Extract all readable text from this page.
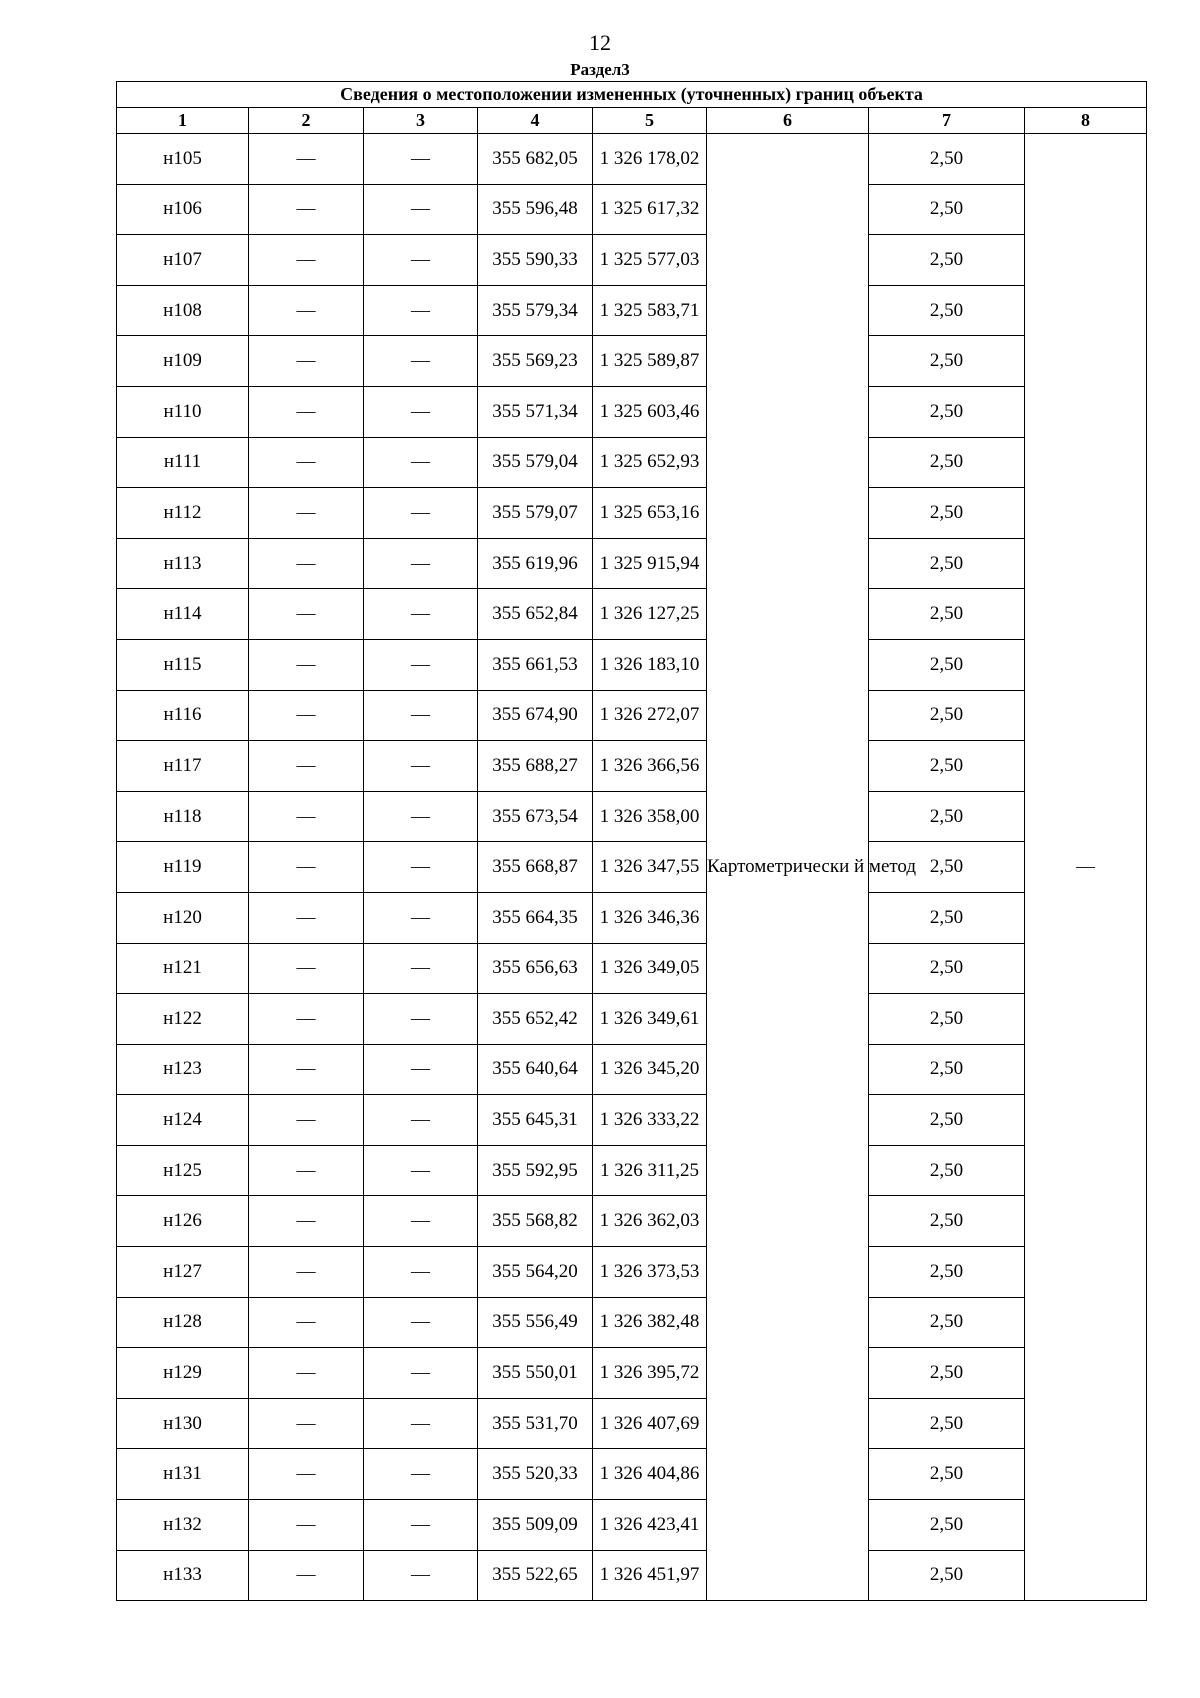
12
Раздел3
Сведения о местоположении измененных (уточненных) границ объекта							
1	2	3	4	5	6	7	8
н105	—	—	355 682,05	1 326 178,02	Картометрически й метод	2,50	—
н106	—	—	355 596,48	1 325 617,32		2,50	
н107	—	—	355 590,33	1 325 577,03		2,50	
н108	—	—	355 579,34	1 325 583,71		2,50	
н109	—	—	355 569,23	1 325 589,87		2,50	
н110	—	—	355 571,34	1 325 603,46		2,50	
н111	—	—	355 579,04	1 325 652,93		2,50	
н112	—	—	355 579,07	1 325 653,16		2,50	
н113	—	—	355 619,96	1 325 915,94		2,50	
н114	—	—	355 652,84	1 326 127,25		2,50	
н115	—	—	355 661,53	1 326 183,10		2,50	
н116	—	—	355 674,90	1 326 272,07		2,50	
н117	—	—	355 688,27	1 326 366,56		2,50	
н118	—	—	355 673,54	1 326 358,00		2,50	
н119	—	—	355 668,87	1 326 347,55		2,50	
н120	—	—	355 664,35	1 326 346,36		2,50	
н121	—	—	355 656,63	1 326 349,05		2,50	
н122	—	—	355 652,42	1 326 349,61		2,50	
н123	—	—	355 640,64	1 326 345,20		2,50	
н124	—	—	355 645,31	1 326 333,22		2,50	
н125	—	—	355 592,95	1 326 311,25		2,50	
н126	—	—	355 568,82	1 326 362,03		2,50	
н127	—	—	355 564,20	1 326 373,53		2,50	
н128	—	—	355 556,49	1 326 382,48		2,50	
н129	—	—	355 550,01	1 326 395,72		2,50	
н130	—	—	355 531,70	1 326 407,69		2,50	
н131	—	—	355 520,33	1 326 404,86		2,50	
н132	—	—	355 509,09	1 326 423,41		2,50	
н133	—	—	355 522,65	1 326 451,97		2,50	
